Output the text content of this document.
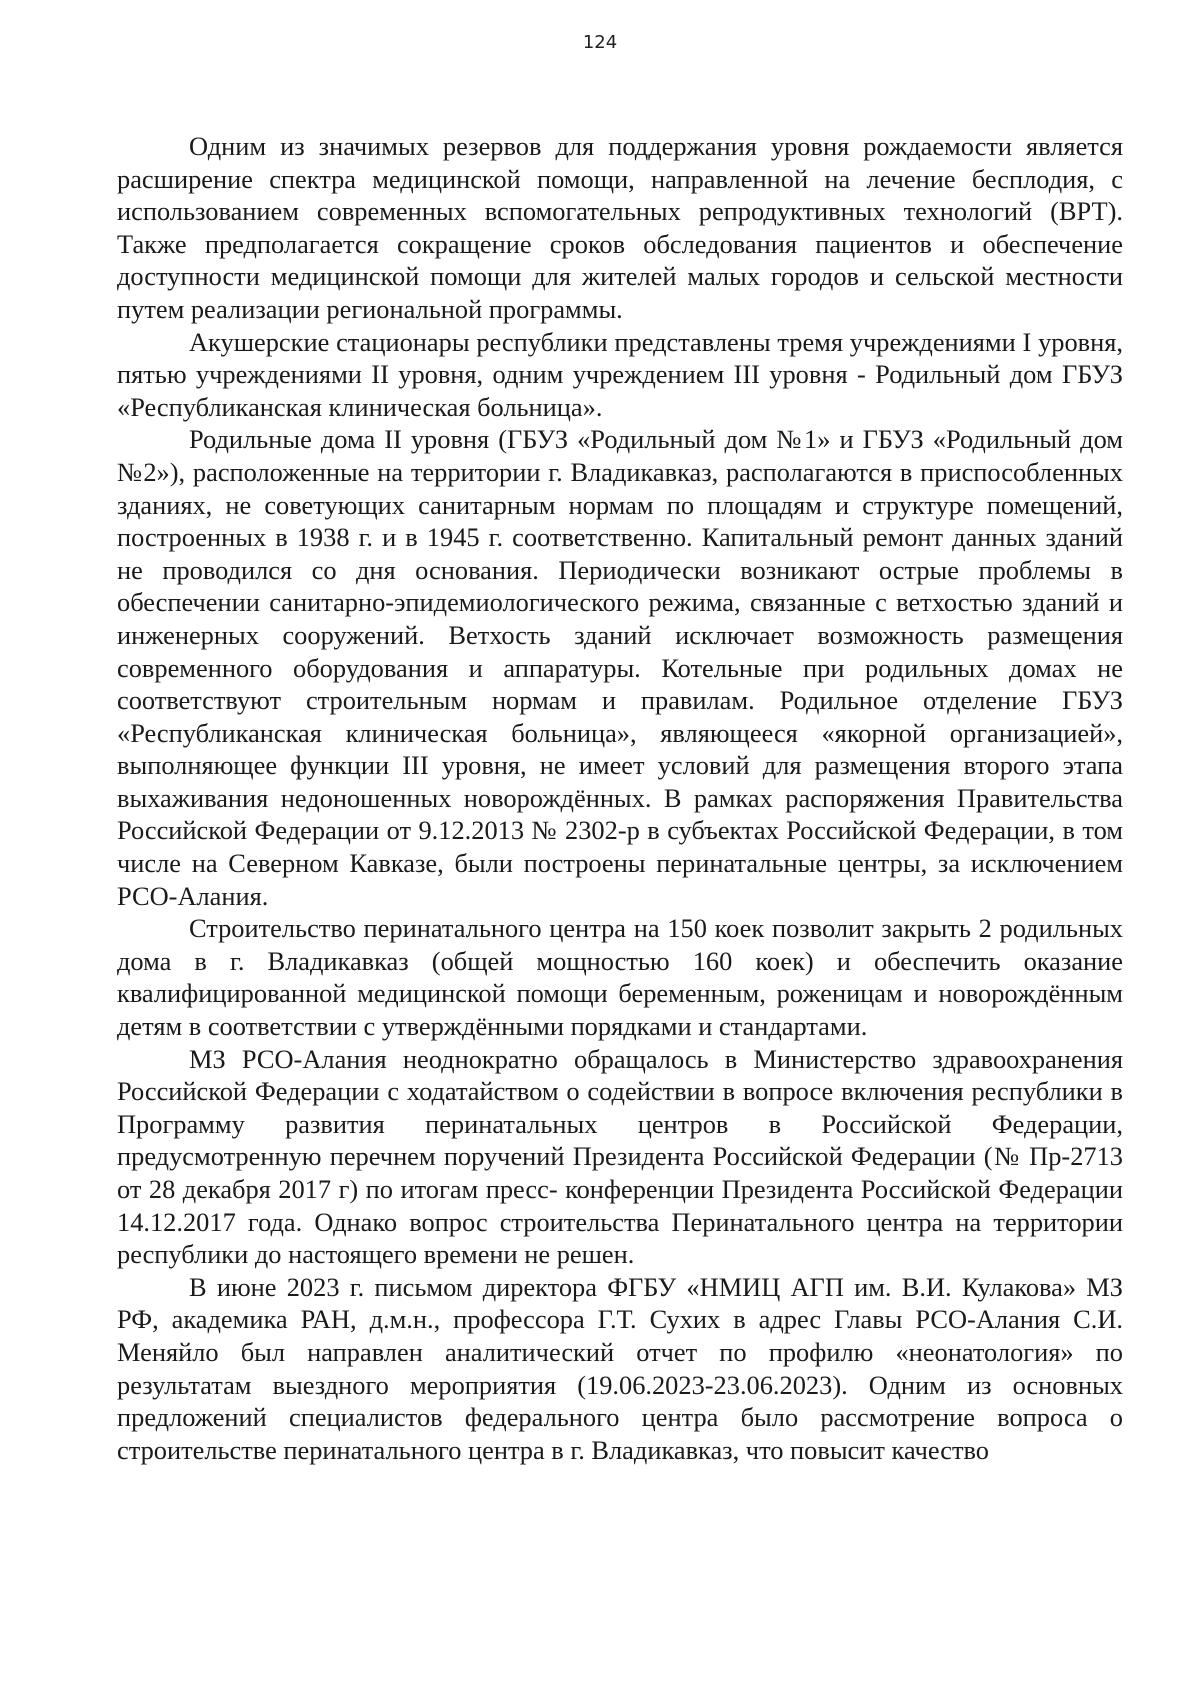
124

Одним из значимых резервов для поддержания уровня рождаемости является расширение спектра медицинской помощи, направленной на лечение бесплодия, с использованием современных вспомогательных репродуктивных технологий (ВРТ). Также предполагается сокращение сроков обследования пациентов и обеспечение доступности медицинской помощи для жителей малых городов и сельской местности путем реализации региональной программы.

Акушерские стационары республики представлены тремя учреждениями I уровня, пятью учреждениями II уровня, одним учреждением III уровня - Родильный дом ГБУЗ «Республиканская клиническая больница».

Родильные дома II уровня (ГБУЗ «Родильный дом №1» и ГБУЗ «Родильный дом №2»), расположенные на территории г. Владикавказ, располагаются в приспособленных зданиях, не советующих санитарным нормам по площадям и структуре помещений, построенных в 1938 г. и в 1945 г. соответственно. Капитальный ремонт данных зданий не проводился со дня основания. Периодически возникают острые проблемы в обеспечении санитарно-эпидемиологического режима, связанные с ветхостью зданий и инженерных сооружений. Ветхость зданий исключает возможность размещения современного оборудования и аппаратуры. Котельные при родильных домах не соответствуют строительным нормам и правилам. Родильное отделение ГБУЗ «Республиканская клиническая больница», являющееся «якорной организацией», выполняющее функции III уровня, не имеет условий для размещения второго этапа выхаживания недоношенных новорождённых. В рамках распоряжения Правительства Российской Федерации от 9.12.2013 № 2302-р в субъектах Российской Федерации, в том числе на Северном Кавказе, были построены перинатальные центры, за исключением РСО-Алания.

Строительство перинатального центра на 150 коек позволит закрыть 2 родильных дома в г. Владикавказ (общей мощностью 160 коек) и обеспечить оказание квалифицированной медицинской помощи беременным, роженицам и новорождённым детям в соответствии с утверждёнными порядками и стандартами.

МЗ РСО-Алания неоднократно обращалось в Министерство здравоохранения Российской Федерации с ходатайством о содействии в вопросе включения республики в Программу развития перинатальных центров в Российской Федерации, предусмотренную перечнем поручений Президента Российской Федерации (№ Пр-2713 от 28 декабря 2017 г) по итогам пресс- конференции Президента Российской Федерации 14.12.2017 года. Однако вопрос строительства Перинатального центра на территории республики до настоящего времени не решен.

В июне 2023 г. письмом директора ФГБУ «НМИЦ АГП им. В.И. Кулакова» МЗ РФ, академика РАН, д.м.н., профессора Г.Т. Сухих в адрес Главы РСО-Алания С.И. Меняйло был направлен аналитический отчет по профилю «неонатология» по результатам выездного мероприятия (19.06.2023-23.06.2023). Одним из основных предложений специалистов федерального центра было рассмотрение вопроса о строительстве перинатального центра в г. Владикавказ, что повысит качество
